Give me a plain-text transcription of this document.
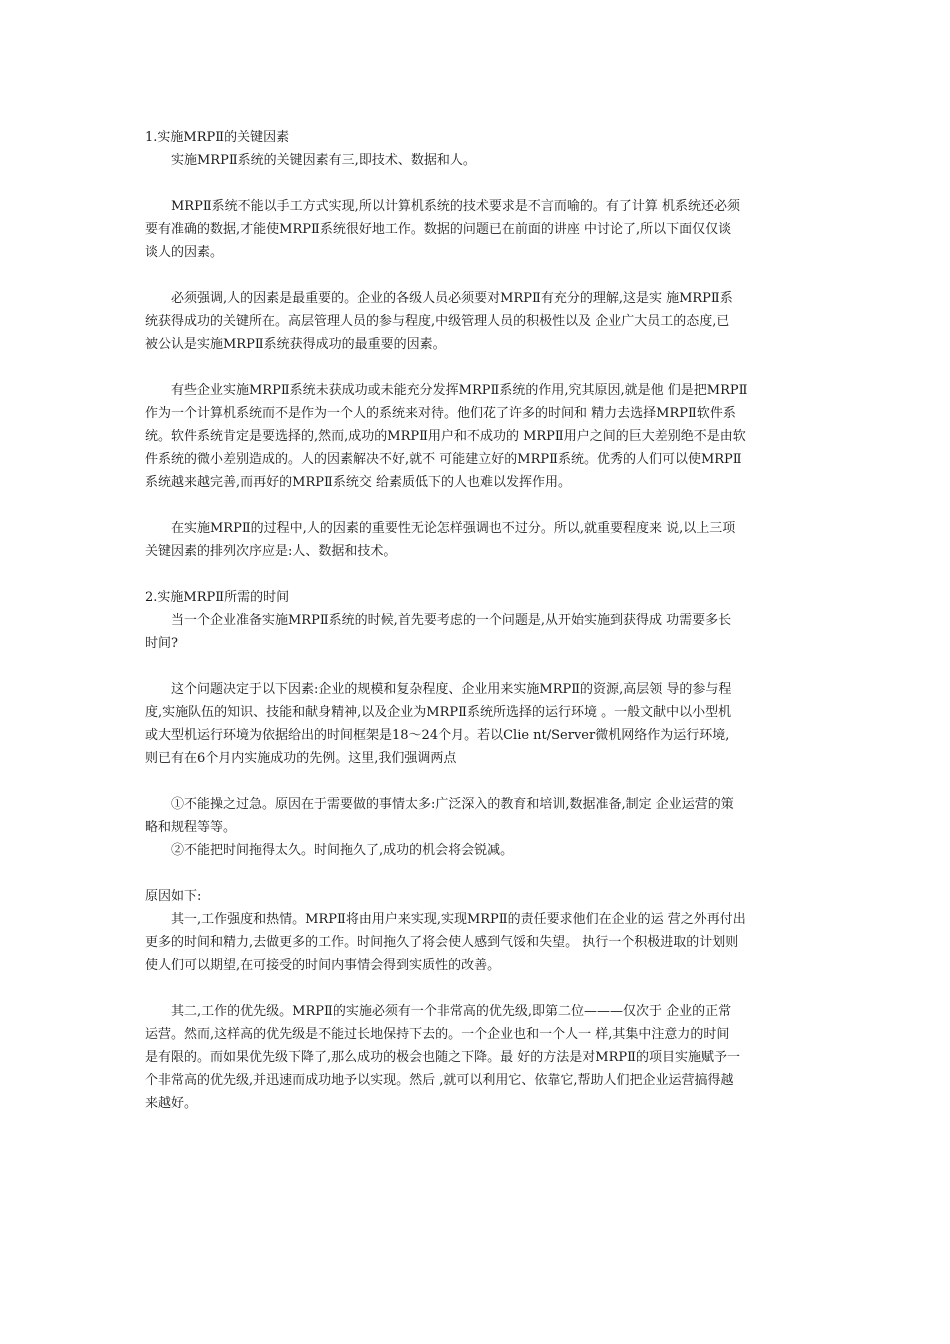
1.实施MRPⅡ的关键因素
实施MRPⅡ系统的关键因素有三,即技术、数据和人。
MRPⅡ系统不能以手工方式实现,所以计算机系统的技术要求是不言而喻的。有了计算 机系统还必须
要有准确的数据,才能使MRPⅡ系统很好地工作。数据的问题已在前面的讲座 中讨论了,所以下面仅仅谈
谈人的因素。
必须强调,人的因素是最重要的。企业的各级人员必须要对MRPⅡ有充分的理解,这是实 施MRPⅡ系
统获得成功的关键所在。高层管理人员的参与程度,中级管理人员的积极性以及 企业广大员工的态度,已
被公认是实施MRPⅡ系统获得成功的最重要的因素。
有些企业实施MRPⅡ系统未获成功或未能充分发挥MRPⅡ系统的作用,究其原因,就是他 们是把MRPⅡ
作为一个计算机系统而不是作为一个人的系统来对待。他们花了许多的时间和 精力去选择MRPⅡ软件系
统。软件系统肯定是要选择的,然而,成功的MRPⅡ用户和不成功的 MRPⅡ用户之间的巨大差别绝不是由软
件系统的微小差别造成的。人的因素解决不好,就不 可能建立好的MRPⅡ系统。优秀的人们可以使MRPⅡ
系统越来越完善,而再好的MRPⅡ系统交 给素质低下的人也难以发挥作用。
在实施MRPⅡ的过程中,人的因素的重要性无论怎样强调也不过分。所以,就重要程度来 说,以上三项
关键因素的排列次序应是:人、数据和技术。
2.实施MRPⅡ所需的时间
当一个企业准备实施MRPⅡ系统的时候,首先要考虑的一个问题是,从开始实施到获得成 功需要多长
时间?
这个问题决定于以下因素:企业的规模和复杂程度、企业用来实施MRPⅡ的资源,高层领 导的参与程
度,实施队伍的知识、技能和献身精神,以及企业为MRPⅡ系统所选择的运行环境 。一般文献中以小型机
或大型机运行环境为依据给出的时间框架是18～24个月。若以Clie nt/Server微机网络作为运行环境,
则已有在6个月内实施成功的先例。这里,我们强调两点
①不能操之过急。原因在于需要做的事情太多:广泛深入的教育和培训,数据准备,制定 企业运营的策
略和规程等等。
②不能把时间拖得太久。时间拖久了,成功的机会将会锐减。
原因如下:
其一,工作强度和热情。MRPⅡ将由用户来实现,实现MRPⅡ的责任要求他们在企业的运 营之外再付出
更多的时间和精力,去做更多的工作。时间拖久了将会使人感到气馁和失望。 执行一个积极进取的计划则
使人们可以期望,在可接受的时间内事情会得到实质性的改善。
其二,工作的优先级。MRPⅡ的实施必须有一个非常高的优先级,即第二位———仅次于 企业的正常
运营。然而,这样高的优先级是不能过长地保持下去的。一个企业也和一个人一 样,其集中注意力的时间
是有限的。而如果优先级下降了,那么成功的极会也随之下降。最 好的方法是对MRPⅡ的项目实施赋予一
个非常高的优先级,并迅速而成功地予以实现。然后 ,就可以利用它、依靠它,帮助人们把企业运营搞得越
来越好。
